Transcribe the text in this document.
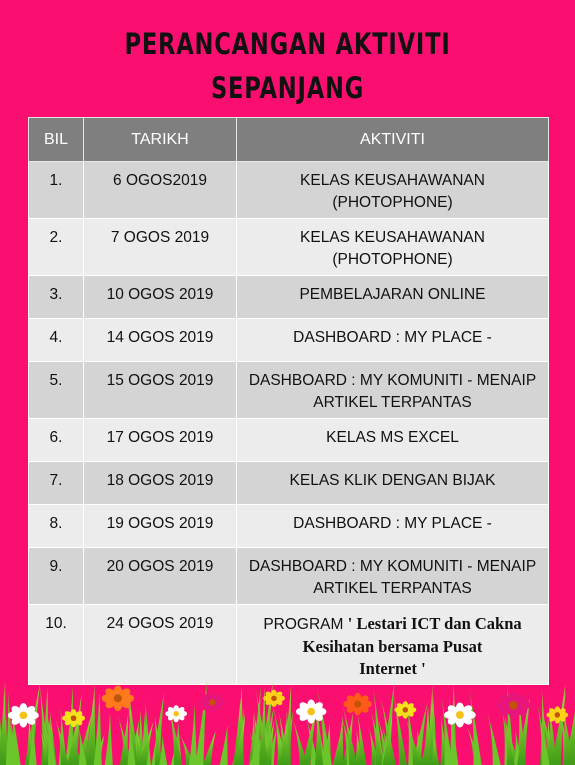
PERANCANGAN AKTIVITI SEPANJANG
BIL	TARIKH	AKTIVITI
1.	6 OGOS2019	KELAS KEUSAHAWANAN
(PHOTOPHONE)
2.	7 OGOS 2019	KELAS KEUSAHAWANAN
(PHOTOPHONE)
3.	10 OGOS 2019	PEMBELAJARAN ONLINE
4.	14 OGOS 2019	DASHBOARD : MY PLACE -
5.	15 OGOS 2019	DASHBOARD : MY KOMUNITI - MENAIP
ARTIKEL TERPANTAS
6.	17 OGOS 2019	KELAS MS EXCEL
7.	18 OGOS 2019	KELAS KLIK DENGAN BIJAK
8.	19 OGOS 2019	DASHBOARD : MY PLACE -
9.	20 OGOS 2019	DASHBOARD : MY KOMUNITI - MENAIP
ARTIKEL TERPANTAS
10.	24 OGOS 2019	PROGRAM ' Lestari ICT dan Cakna
Kesihatan bersama Pusat
Internet '
